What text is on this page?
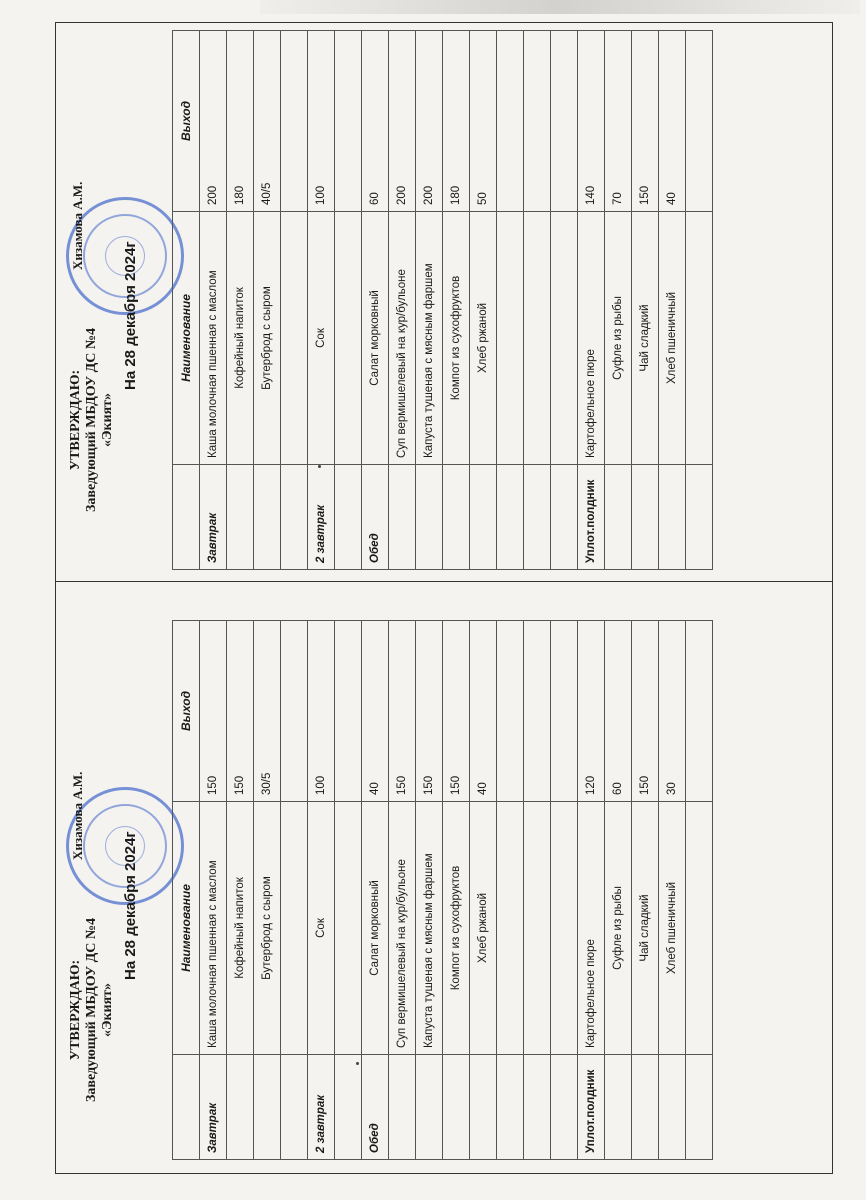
УТВЕРЖДАЮ: Заведующий МБДОУ ДС №4 «Экият»
Хизамова А.М.
На 28 декабря 2024г
		Наименование	Выход
Завтрак	Каша молочная пшенная с маслом	200
	Кофейный напиток	180
	Бутерброд с сыром	40/5

2 завтрак	Сок	100

Обед	Салат морковный	60
	Суп вермишелевый на кур/бульоне	200
	Капуста тушеная с мясным фаршем	200
	Компот из сухофруктов	180
	Хлеб ржаной	50

Уплот.полдник	Картофельное пюре	140
	Суфле из рыбы	70
	Чай сладкий	150
	Хлеб пшеничный	40

УТВЕРЖДАЮ: Заведующий МБДОУ ДС №4 «Экият»
Хизамова А.М.
На 28 декабря 2024г
		Наименование	Выход
Завтрак	Каша молочная пшенная с маслом	150
	Кофейный напиток	150
	Бутерброд с сыром	30/5

2 завтрак	Сок	100

Обед	Салат морковный	40
	Суп вермишелевый на кур/бульоне	150
	Капуста тушеная с мясным фаршем	150
	Компот из сухофруктов	150
	Хлеб ржаной	40

Уплот.полдник	Картофельное пюре	120
	Суфле из рыбы	60
	Чай сладкий	150
	Хлеб пшеничный	30
